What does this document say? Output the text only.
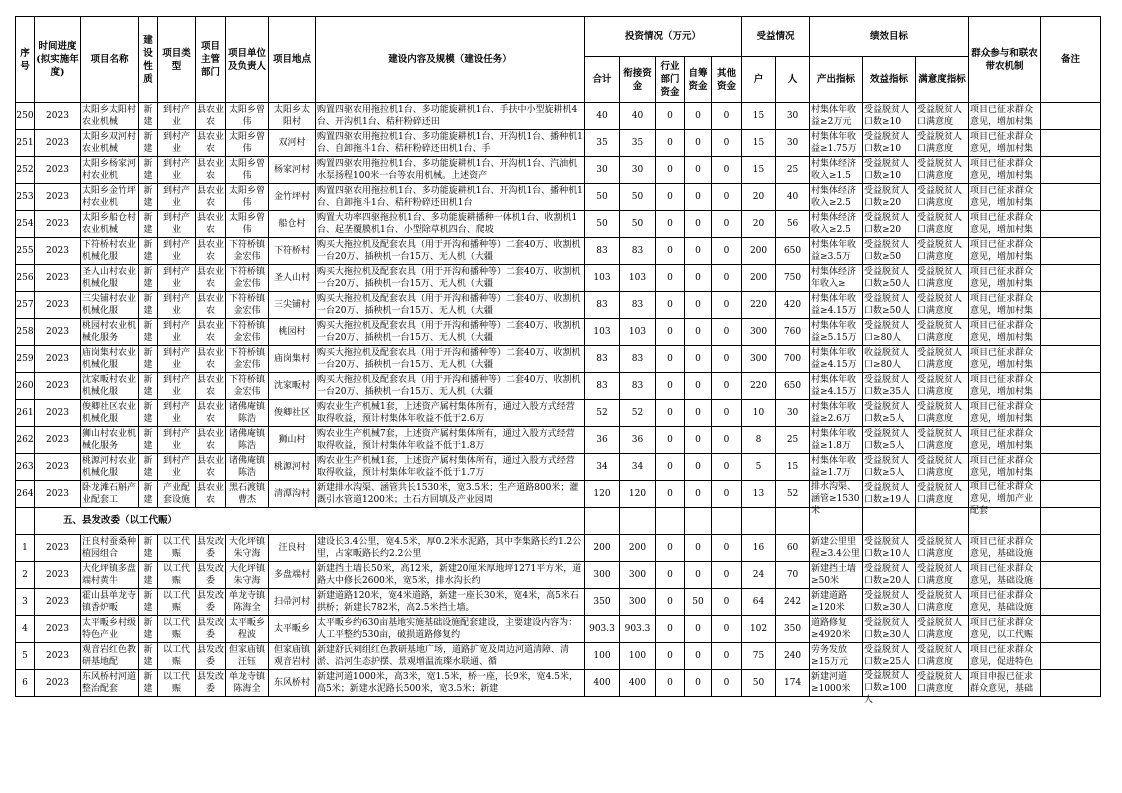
序号	时间进度(拟实施年度)	项目名称	建设性质	项目类型	项目主管部门	项目单位及负责人	项目地点	建设内容及规模（建设任务）	投资情况（万元）					受益情况		绩效目标			群众参与和联农带农机制	备注
									合计	衔接资金	行业部门资金	自筹资金	其他资金	户	人	产出指标	效益指标	满意度指标		

250	2023	太阳乡太阳村农业机械	新建	到村产业	县农业农	太阳乡曾伟	太阳乡太阳村	购置四驱农用拖拉机1台、多功能旋耕机1台、手扶中小型旋耕机4台、开沟机1台、秸秆粉碎还田	40	40	0	0	0	15	30	村集体年收益≥2万元	受益脱贫人口数≥10	受益脱贫人口满意度	项目已征求群众意见，增加村集	

251	2023	太阳乡双河村农业机械	新建	到村产业	县农业农	太阳乡曾伟	双河村	购置四驱农用拖拉机1台、多功能旋耕机1台、开沟机1台、播种机1台、自卸拖斗1台、秸秆粉碎还田机1台、手	35	35	0	0	0	15	30	村集体年收益≥1.75万	受益脱贫人口数≥10	受益脱贫人口满意度	项目已征求群众意见，增加村集	

252	2023	太阳乡杨家河村农业机	新建	到村产业	县农业农	太阳乡曾伟	杨家河村	购置四驱农用拖拉机1台、多功能旋耕机1台、开沟机1台、汽油机水泵扬程100米一台等农用机械。上述资产	30	30	0	0	0	15	25	村集体经济收入≥1.5	受益脱贫人口数≥10	受益脱贫人口满意度	项目已征求群众意见，增加村集	

253	2023	太阳乡金竹坪村农业机	新建	到村产业	县农业农	太阳乡曾伟	金竹坪村	购置四驱农用拖拉机1台、多功能旋耕机1台、开沟机1台、播种机1台、自卸拖斗1台、秸秆粉碎还田机1台	50	50	0	0	0	20	40	村集体经济收入≥2.5	受益脱贫人口数≥20	受益脱贫人口满意度	项目已征求群众意见，增加村集	

254	2023	太阳乡船仓村农业机械	新建	到村产业	县农业农	太阳乡曾伟	船仓村	购置大功率四驱拖拉机1台、多功能旋耕播种一体机1台、收割机1台、起垄覆膜机1台、小型除草机四台、爬坡	50	50	0	0	0	20	56	村集体经济收入≥2.5	受益脱贫人口数≥20	受益脱贫人口满意度	项目已征求群众意见，增加村集	

255	2023	下符桥村农业机械化服	新建	到村产业	县农业农	下符桥镇金宏伟	下符桥村	购买大拖拉机及配套农具（用于开沟和播种等）二套40万、收割机一台20万、插秧机一台15万、无人机（大疆	83	83	0	0	0	200	650	村集体年收益≥3.5万	受益脱贫人口数≥50	受益脱贫人口满意度	项目已征求群众意见，增加村集	

256	2023	圣人山村农业机械化服	新建	到村产业	县农业农	下符桥镇金宏伟	圣人山村	购买大拖拉机及配套农具（用于开沟和播种等）二套40万、收割机一台20万、插秧机一台15万、无人机（大疆	103	103	0	0	0	200	750	村集体经济年收入≥	受益脱贫人口数≥50人	受益脱贫人口满意度	项目已征求群众意见，增加村集	

257	2023	三尖铺村农业机械化服	新建	到村产业	县农业农	下符桥镇金宏伟	三尖铺村	购买大拖拉机及配套农具（用于开沟和播种等）二套40万、收割机一台20万、插秧机一台15万、无人机（大疆	83	83	0	0	0	220	420	村集体年收益≥4.15万	受益脱贫人口数≥50人	受益脱贫人口满意度	项目已征求群众意见，增加村集	

258	2023	桃园村农业机械化服务	新建	到村产业	县农业农	下符桥镇金宏伟	桃园村	购买大拖拉机及配套农具（用于开沟和播种等）二套40万、收割机一台20万、插秧机一台15万、无人机（大疆	103	103	0	0	0	300	760	村集体年收益≥5.15万	受益脱贫人口≥80人	受益脱贫人口满意度	项目已征求群众意见，增加村集	

259	2023	庙岗集村农业机械化服	新建	到村产业	县农业农	下符桥镇金宏伟	庙岗集村	购买大拖拉机及配套农具（用于开沟和播种等）二套40万、收割机一台20万、插秧机一台15万、无人机（大疆	83	83	0	0	0	300	700	村集体年收益≥4.15万	收益脱贫人口≥80人	受益脱贫人口满意度	项目已征求群众意见，增加村集	

260	2023	沈家畈村农业机械化服	新建	到村产业	县农业农	下符桥镇金宏伟	沈家畈村	购买大拖拉机及配套农具（用于开沟和播种等）二套40万、收割机一台20万、插秧机一台15万、无人机（大疆	83	83	0	0	0	220	650	村集体年收益≥4.15万	受益脱贫人口数≥35人	受益脱贫人口满意度	项目已征求群众意见，增加村集	

261	2023	俊卿社区农业机械化服	新建	到村产业	县农业农	诸佛庵镇陈浩	俊卿社区	购农业生产机械1套，上述资产属村集体所有，通过入股方式经营取得收益，预计村集体年收益不低于2.6万	52	52	0	0	0	10	30	村集体年收益≥2.6万	受益脱贫人口数≥5人	受益脱贫人口满意度	项目已征求群众意见，增加村集	

262	2023	狮山村农业机械化服务	新建	到村产业	县农业农	诸佛庵镇陈浩	狮山村	购农业生产机械7套，上述资产属村集体所有，通过入股方式经营取得收益，预计村集体年收益不低于1.8万	36	36	0	0	0	8	25	村集体年收益≥1.8万	受益脱贫人口数≥5人	受益脱贫人口满意度	项目已征求群众意见，增加村集	

263	2023	桃源河村农业机械化服	新建	到村产业	县农业农	诸佛庵镇陈浩	桃源河村	购农业生产机械1套，上述资产属村集体所有，通过入股方式经营取得收益，预计村集体年收益不低于1.7万	34	34	0	0	0	5	15	村集体年收益≥1.7万	受益脱贫人口数≥5人	受益脱贫人口满意度	项目已征求群众意见，增加村集	

264	2023	卧龙滩石斛产业配套工	新建	产业配套设施	县农业农	黑石渡镇曹杰	清潭沟村	新建排水沟渠、涵管共长1530米，宽3.5米；生产道路800米；灌溉引水管道1200米；土石方回填及产业园周	120	120	0	0	0	13	52	排水沟渠、涵管≥1530米	受益脱贫人口数≥19人	受益脱贫人口满意度	项目已征求群众意见，增加产业配套	

	五、县发改委（以工代赈）																			

1	2023	汪良村蚕桑种植园组合	新建	以工代赈	县发改委	大化坪镇朱守海	汪良村	建设长3.4公里，宽4.5米，厚0.2米水泥路，其中李集路长约1.2公里，占家畈路长约2.2公里	200	200	0	0	0	16	60	新建公里里程≥3.4公里	受益脱贫人口数≥10人	受益脱贫人口满意度	项目已征求群众意见，基础设施	

2	2023	大化坪镇多盘端村黄牛	新建	以工代赈	县发改委	大化坪镇朱守海	多盘端村	新建挡土墙长50米，高12米，新建20厘米厚地坪1271平方米，道路大中修长2600米，宽5米，排水沟长约	300	300	0	0	0	24	70	新建挡土墙≥50米	受益脱贫人口数≥20人	受益脱贫人口满意度	项目已征求群众意见，基础设施	

3	2023	霍山县单龙寺镇香炉畈	新建	以工代赈	县发改委	单龙寺镇陈海全	扫帚河村	新建道路120米，宽4米道路，新建一座长30米，宽4米，高5米石拱桥；新建长782米，高2.5米挡土墙。	350	300	0	50	0	64	242	新建道路≥120米	受益脱贫人口数≥30人	受益脱贫人口满意度	项目已征求群众意见，基础设施	

4	2023	太平畈乡村级特色产业	新建	以工代赈	县发改委	太平畈乡程波	太平畈乡	太平畈乡约630亩基地实施基础设施配套建设，主要建设内容为：人工平整约530亩，破损道路修复约	903.3	903.3	0	0	0	102	350	道路修复≥4920米	受益脱贫人口数≥30人	受益脱贫人口满意度	项目已征求群众意见，以工代赈	

5	2023	观音岩红色教研基地配	新建	以工代赈	县发改委	但家庙镇汪钰	但家庙镇观音岩村	新建舒氏祠组红色教研基地广场，道路扩宽及周边河道清障、清淤、沿河生态护摆、景观增温流璨水联通、循	100	100	0	0	0	75	240	劳务发放≥15万元	受益脱贫人口数≥25人	受益脱贫人口满意度	项目已征求群众意见，促进特色	

6	2023	东风桥村河道整治配套	新建	以工代赈	县发改委	单龙寺镇陈海全	东风桥村	新建河道1000米，高3米，宽1.5米，桥一座，长9米，宽4.5米，高5米；新建水泥路长500米，宽3.5米；新建	400	400	0	0	0	50	174	新建河道≥1000米	受益脱贫人口数≥100人	受益脱贫人口满意度	项目申报已征求群众意见，基础	
